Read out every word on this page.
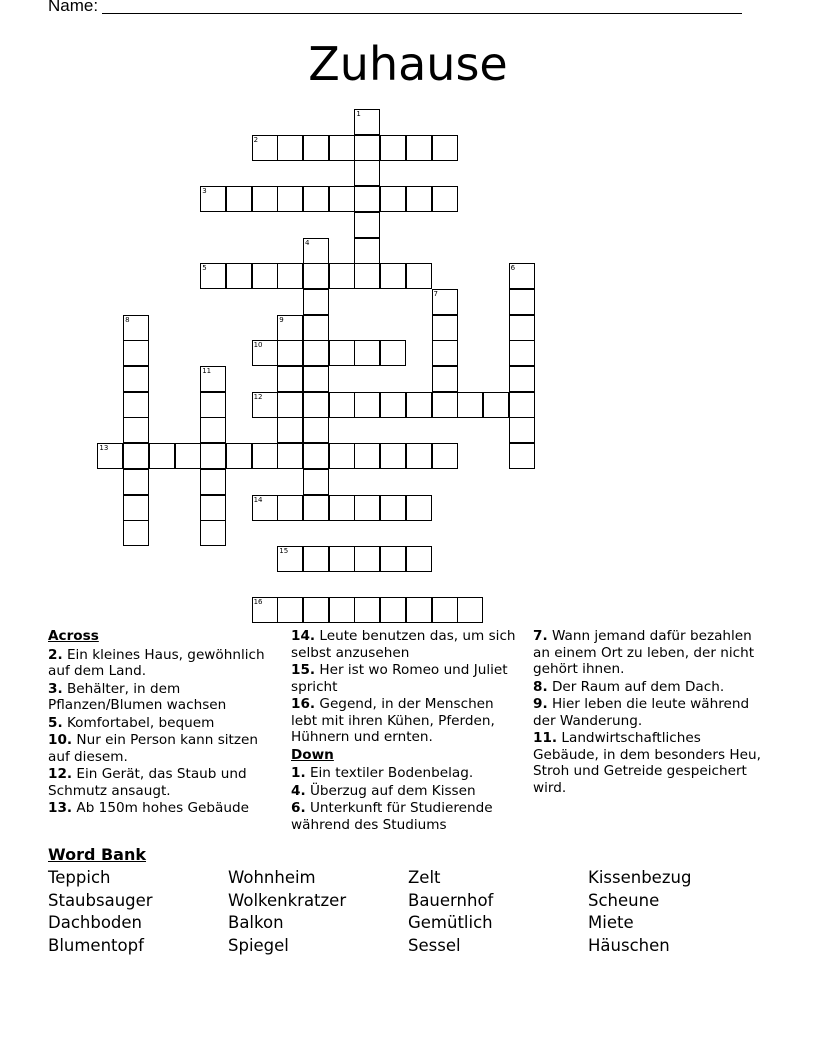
Name:
Zuhause
1
2
3
4
5	6
7
8	9
10
11
12
13
14
15
16
Across
2. Ein kleines Haus, gewöhnlich auf dem Land.
3. Behälter, in dem Pflanzen/Blumen wachsen
5. Komfortabel, bequem
10. Nur ein Person kann sitzen auf diesem.
12. Ein Gerät, das Staub und Schmutz ansaugt.
13. Ab 150m hohes Gebäude
14. Leute benutzen das, um sich selbst anzusehen
15. Her ist wo Romeo und Juliet spricht
16. Gegend, in der Menschen lebt mit ihren Kühen, Pferden, Hühnern und ernten.
Down
1. Ein textiler Bodenbelag.
4. Überzug auf dem Kissen
6. Unterkunft für Studierende während des Studiums
7. Wann jemand dafür bezahlen an einem Ort zu leben, der nicht gehört ihnen.
8. Der Raum auf dem Dach.
9. Hier leben die leute während der Wanderung.
11. Landwirtschaftliches Gebäude, in dem besonders Heu, Stroh und Getreide gespeichert wird.
Word Bank
Teppich	Wohnheim	Zelt	Kissenbezug
Staubsauger	Wolkenkratzer	Bauernhof	Scheune
Dachboden	Balkon	Gemütlich	Miete
Blumentopf	Spiegel	Sessel	Häuschen
